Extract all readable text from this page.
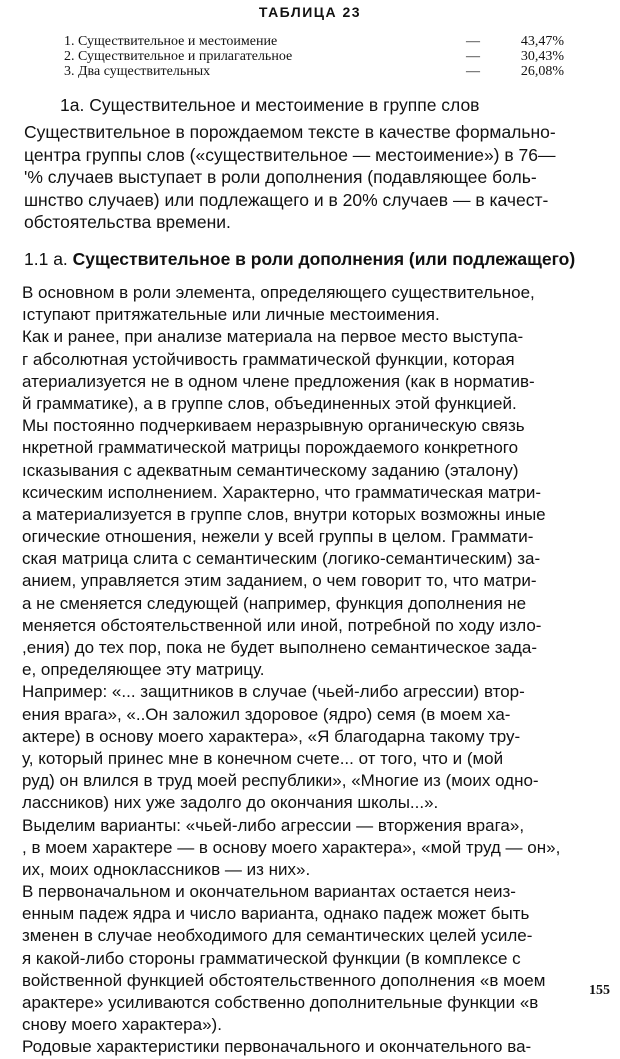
ТАБЛИЦА 23
1. Существительное и местоимение	—	43,47%
2. Существительное и прилагательное	—	30,43%
3. Два существительных	—	26,08%
1a. Существительное и местоимение в группе слов
Существительное в порождаемом тексте в качестве формально-
центра группы слов («существительное — местоимение») в 76—
'% случаев выступает в роли дополнения (подавляющее боль-
шнство случаев) или подлежащего и в 20% случаев — в качест-
обстоятельства времени.
1.1 а. Существительное в роли дополнения (или подлежащего)
В основном в роли элемента, определяющего существительное,
ıступают притяжательные или личные местоимения.
Как и ранее, при анализе материала на первое место выступа-
г абсолютная устойчивость грамматической функции, которая
атериализуется не в одном члене предложения (как в норматив-
й грамматике), а в группе слов, объединенных этой функцией.
Мы постоянно подчеркиваем неразрывную органическую связь
нкретной грамматической матрицы порождаемого конкретного
ıсказывания с адекватным семантическому заданию (эталону)
ксическим исполнением. Характерно, что грамматическая матри-
а материализуется в группе слов, внутри которых возможны иные
огические отношения, нежели у всей группы в целом. Граммати-
ская матрица слита с семантическим (логико-семантическим) за-
анием, управляется этим заданием, о чем говорит то, что матри-
а не сменяется следующей (например, функция дополнения не
меняется обстоятельственной или иной, потребной по ходу изло-
,ения) до тех пор, пока не будет выполнено семантическое зада-
е, определяющее эту матрицу.
Например: «... защитников в случае (чьей-либо агрессии) втор-
ения врага», «..Он заложил здоровое (ядро) семя (в моем ха-
актере) в основу моего характера», «Я благодарна такому тру-
у, который принес мне в конечном счете... от того, что и (мой
руд) он влился в труд моей республики», «Многие из (моих одно-
лассников) них уже задолго до окончания школы...».
Выделим варианты: «чьей-либо агрессии — вторжения врага»,
, в моем характере — в основу моего характера», «мой труд — он»,
их, моих одноклассников — из них».
В первоначальном и окончательном вариантах остается неиз-
енным падеж ядра и число варианта, однако падеж может быть
зменен в случае необходимого для семантических целей усиле-
я какой-либо стороны грамматической функции (в комплексе с
войственной функцией обстоятельственного дополнения «в моем
арактере» усиливаются собственно дополнительные функции «в
снову моего характера»).
Родовые характеристики первоначального и окончательного ва-
155
